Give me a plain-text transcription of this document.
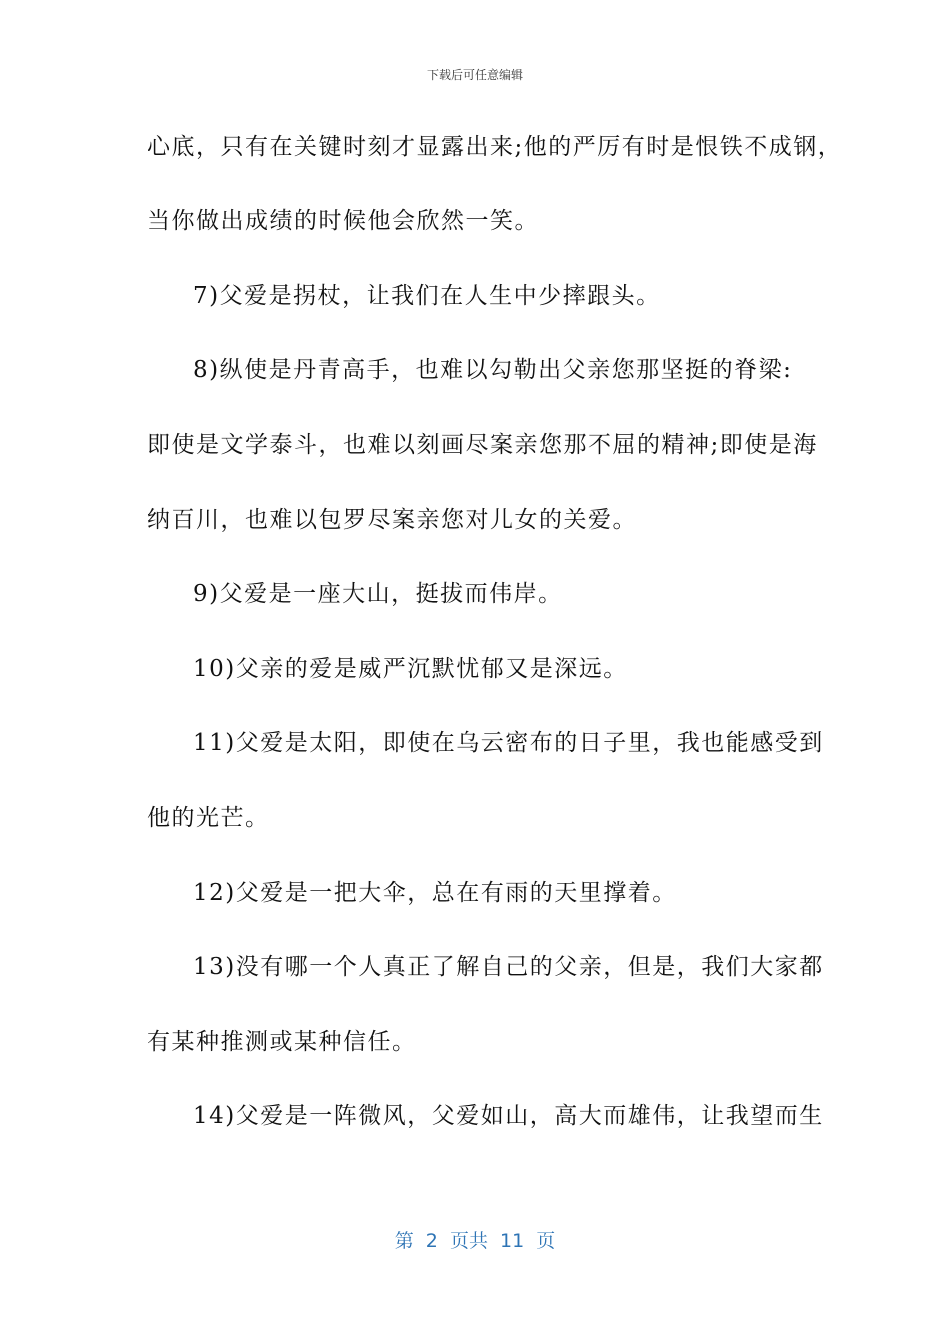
下载后可任意编辑
心底，只有在关键时刻才显露出来;他的严厉有时是恨铁不成钢，
当你做出成绩的时候他会欣然一笑。
7)父爱是拐杖，让我们在人生中少摔跟头。
8)纵使是丹青高手，也难以勾勒出父亲您那坚挺的脊梁:
即使是文学泰斗，也难以刻画尽案亲您那不屈的精神;即使是海
纳百川，也难以包罗尽案亲您对儿女的关爱。
9)父爱是一座大山，挺拔而伟岸。
10)父亲的爱是威严沉默忧郁又是深远。
11)父爱是太阳，即使在乌云密布的日子里，我也能感受到
他的光芒。
12)父爱是一把大伞，总在有雨的天里撑着。
13)没有哪一个人真正了解自己的父亲，但是，我们大家都
有某种推测或某种信任。
14)父爱是一阵微风，父爱如山，高大而雄伟，让我望而生
第  2  页共  11  页
